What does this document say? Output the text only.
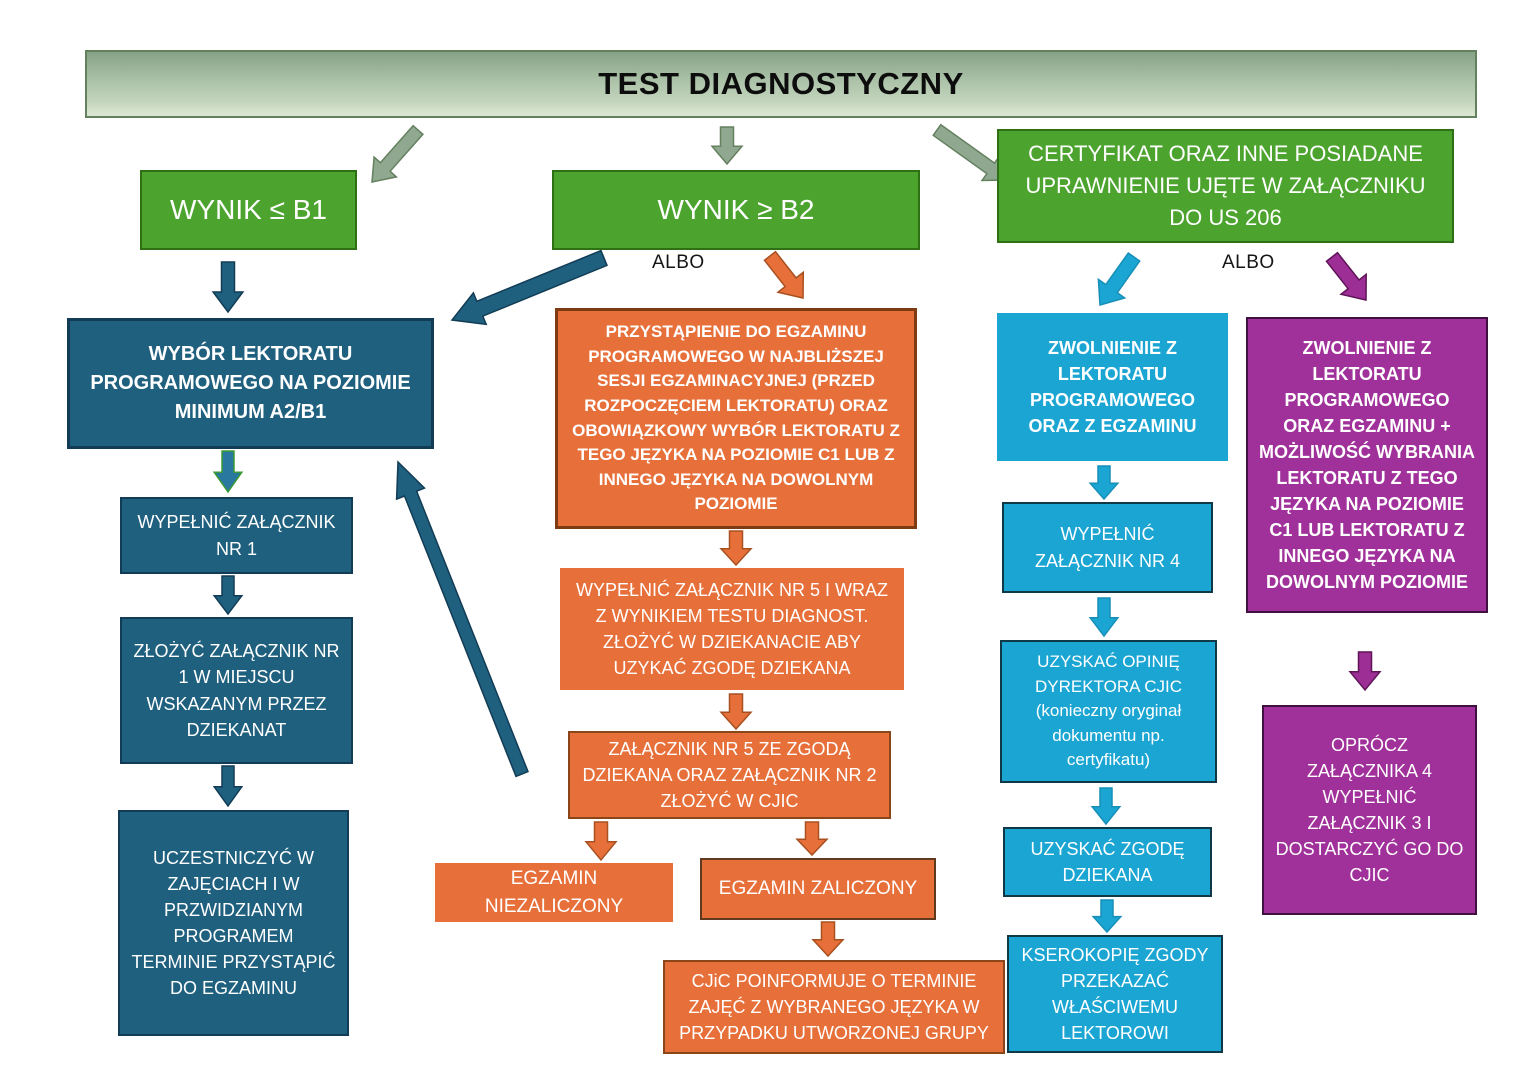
TEST DIAGNOSTYCZNY
WYNIK ≤ B1	WYNIK ≥ B2
CERTYFIKAT ORAZ INNE POSIADANE UPRAWNIENIE UJĘTE W ZAŁĄCZNIKU DO US 206
ALBO	ALBO
WYBÓR LEKTORATU PROGRAMOWEGO NA POZIOMIE MINIMUM A2/B1
WYPEŁNIĆ ZAŁĄCZNIK NR 1
ZŁOŻYĆ ZAŁĄCZNIK NR 1 W MIEJSCU WSKAZANYM PRZEZ DZIEKANAT
UCZESTNICZYĆ W ZAJĘCIACH I W PRZWIDZIANYM PROGRAMEM TERMINIE PRZYSTĄPIĆ DO EGZAMINU
PRZYSTĄPIENIE DO EGZAMINU PROGRAMOWEGO W NAJBLIŻSZEJ SESJI EGZAMINACYJNEJ (PRZED ROZPOCZĘCIEM LEKTORATU) ORAZ OBOWIĄZKOWY WYBÓR LEKTORATU Z TEGO JĘZYKA NA POZIOMIE C1 LUB Z INNEGO JĘZYKA NA DOWOLNYM POZIOMIE
WYPEŁNIĆ ZAŁĄCZNIK NR 5 I WRAZ Z WYNIKIEM TESTU DIAGNOST. ZŁOŻYĆ W DZIEKANACIE ABY UZYKAĆ ZGODĘ DZIEKANA
ZAŁĄCZNIK NR 5 ZE ZGODĄ DZIEKANA ORAZ ZAŁĄCZNIK NR 2 ZŁOŻYĆ W CJIC
EGZAMIN NIEZALICZONY
EGZAMIN ZALICZONY
CJiC POINFORMUJE O TERMINIE ZAJĘĆ Z WYBRANEGO JĘZYKA W PRZYPADKU UTWORZONEJ GRUPY
ZWOLNIENIE Z LEKTORATU PROGRAMOWEGO ORAZ Z EGZAMINU
WYPEŁNIĆ ZAŁĄCZNIK NR 4
UZYSKAĆ OPINIĘ DYREKTORA CJIC (konieczny oryginał dokumentu np. certyfikatu)
UZYSKAĆ ZGODĘ DZIEKANA
KSEROKOPIĘ ZGODY PRZEKAZAĆ WŁAŚCIWEMU LEKTOROWI
ZWOLNIENIE Z LEKTORATU PROGRAMOWEGO ORAZ EGZAMINU + MOŻLIWOŚĆ WYBRANIA LEKTORATU Z TEGO JĘZYKA NA POZIOMIE C1 LUB LEKTORATU Z INNEGO JĘZYKA NA DOWOLNYM POZIOMIE
OPRÓCZ ZAŁĄCZNIKA 4 WYPEŁNIĆ ZAŁĄCZNIK 3 I DOSTARCZYĆ GO DO CJIC
